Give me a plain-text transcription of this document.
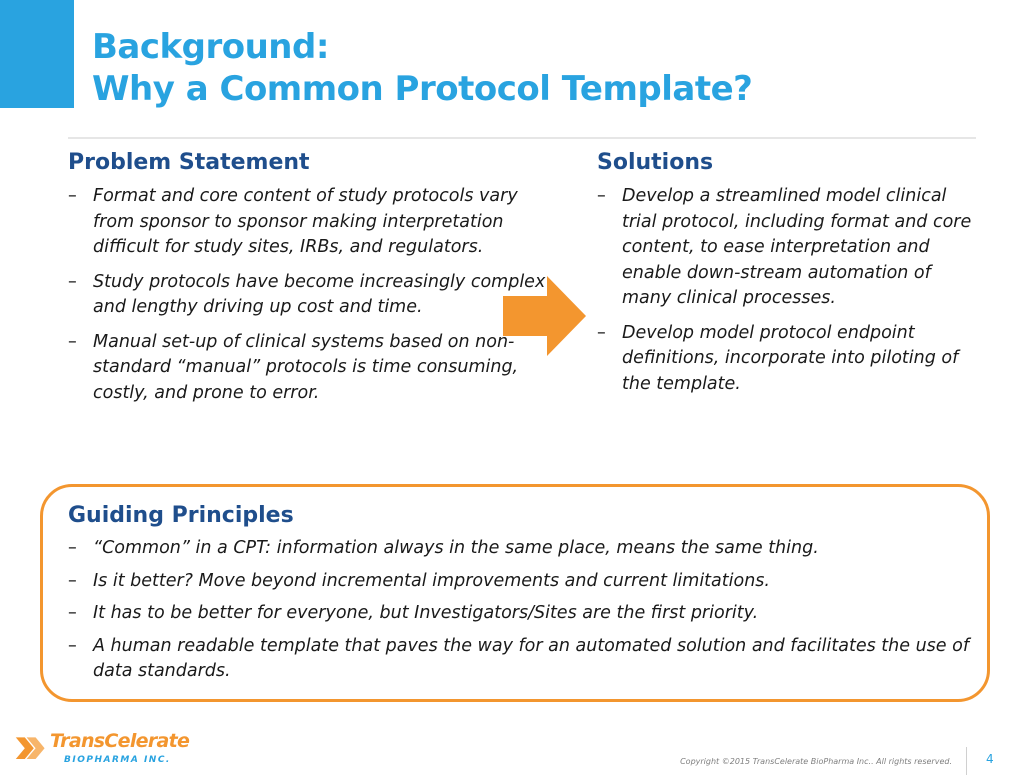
Background:
Why a Common Protocol Template?
Problem Statement
– Format and core content of study protocols vary from sponsor to sponsor making interpretation difficult for study sites, IRBs, and regulators.
– Study protocols have become increasingly complex and lengthy driving up cost and time.
– Manual set-up of clinical systems based on non-standard “manual” protocols is time consuming, costly, and prone to error.
Solutions
– Develop a streamlined model clinical trial protocol, including format and core content, to ease interpretation and enable down-stream automation of many clinical processes.
– Develop model protocol endpoint definitions, incorporate into piloting of the template.
Guiding Principles
– “Common” in a CPT: information always in the same place, means the same thing.
– Is it better? Move beyond incremental improvements and current limitations.
– It has to be better for everyone, but Investigators/Sites are the first priority.
– A human readable template that paves the way for an automated solution and facilitates the use of data standards.
TransCelerate
BIOPHARMA INC.	Copyright ©2015 TransCelerate BioPharma Inc.. All rights reserved.	4
